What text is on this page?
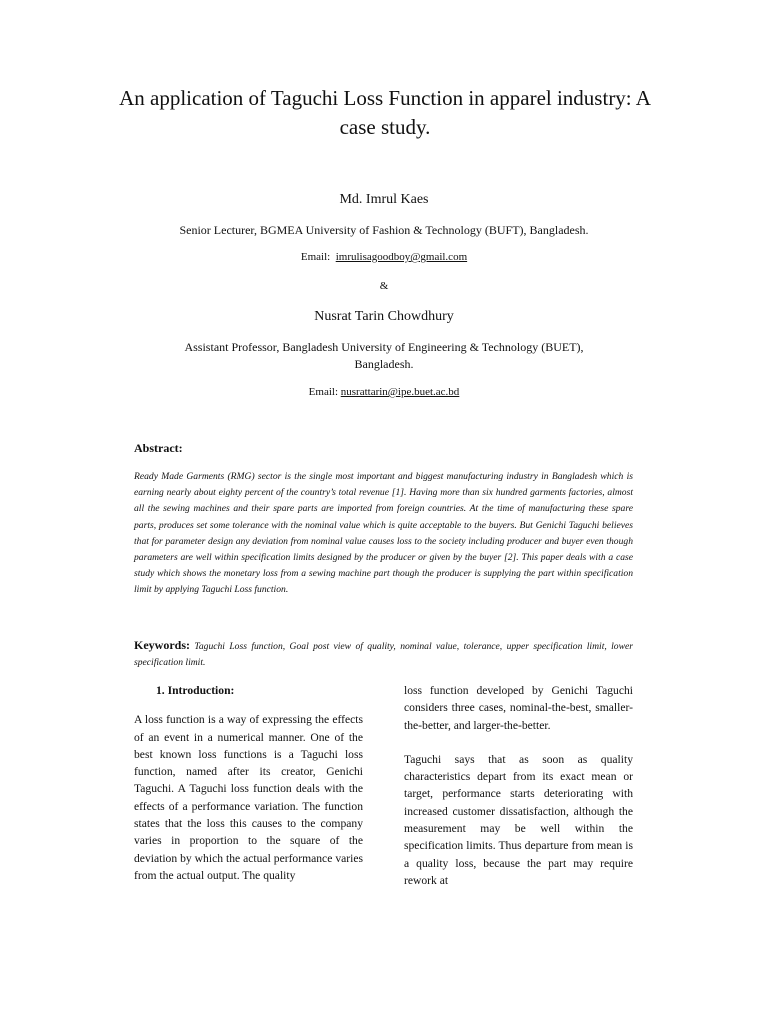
An application of Taguchi Loss Function in apparel industry: A case study.
Md. Imrul Kaes
Senior Lecturer, BGMEA University of Fashion & Technology (BUFT), Bangladesh.
Email: imrulisagoodboy@gmail.com
&
Nusrat Tarin Chowdhury
Assistant Professor, Bangladesh University of Engineering & Technology (BUET), Bangladesh.
Email: nusrattarin@ipe.buet.ac.bd
Abstract:

Ready Made Garments (RMG) sector is the single most important and biggest manufacturing industry in Bangladesh which is earning nearly about eighty percent of the country’s total revenue [1]. Having more than six hundred garments factories, almost all the sewing machines and their spare parts are imported from foreign countries. At the time of manufacturing these spare parts, produces set some tolerance with the nominal value which is quite acceptable to the buyers. But Genichi Taguchi believes that for parameter design any deviation from nominal value causes loss to the society including producer and buyer even though parameters are well within specification limits designed by the producer or given by the buyer [2]. This paper deals with a case study which shows the monetary loss from a sewing machine part though the producer is supplying the part within specification limit by applying Taguchi Loss function.

Keywords: Taguchi Loss function, Goal post view of quality, nominal value, tolerance, upper specification limit, lower specification limit.

1. Introduction:

A loss function is a way of expressing the effects of an event in a numerical manner. One of the best known loss functions is a Taguchi loss function, named after its creator, Genichi Taguchi. A Taguchi loss function deals with the effects of a performance variation. The function states that the loss this causes to the company varies in proportion to the square of the deviation by which the actual performance varies from the actual output. The quality

loss function developed by Genichi Taguchi considers three cases, nominal-the-best, smaller-the-better, and larger-the-better.

Taguchi says that as soon as quality characteristics depart from its exact mean or target, performance starts deteriorating with increased customer dissatisfaction, although the measurement may be well within the specification limits. Thus departure from mean is a quality loss, because the part may require rework at
